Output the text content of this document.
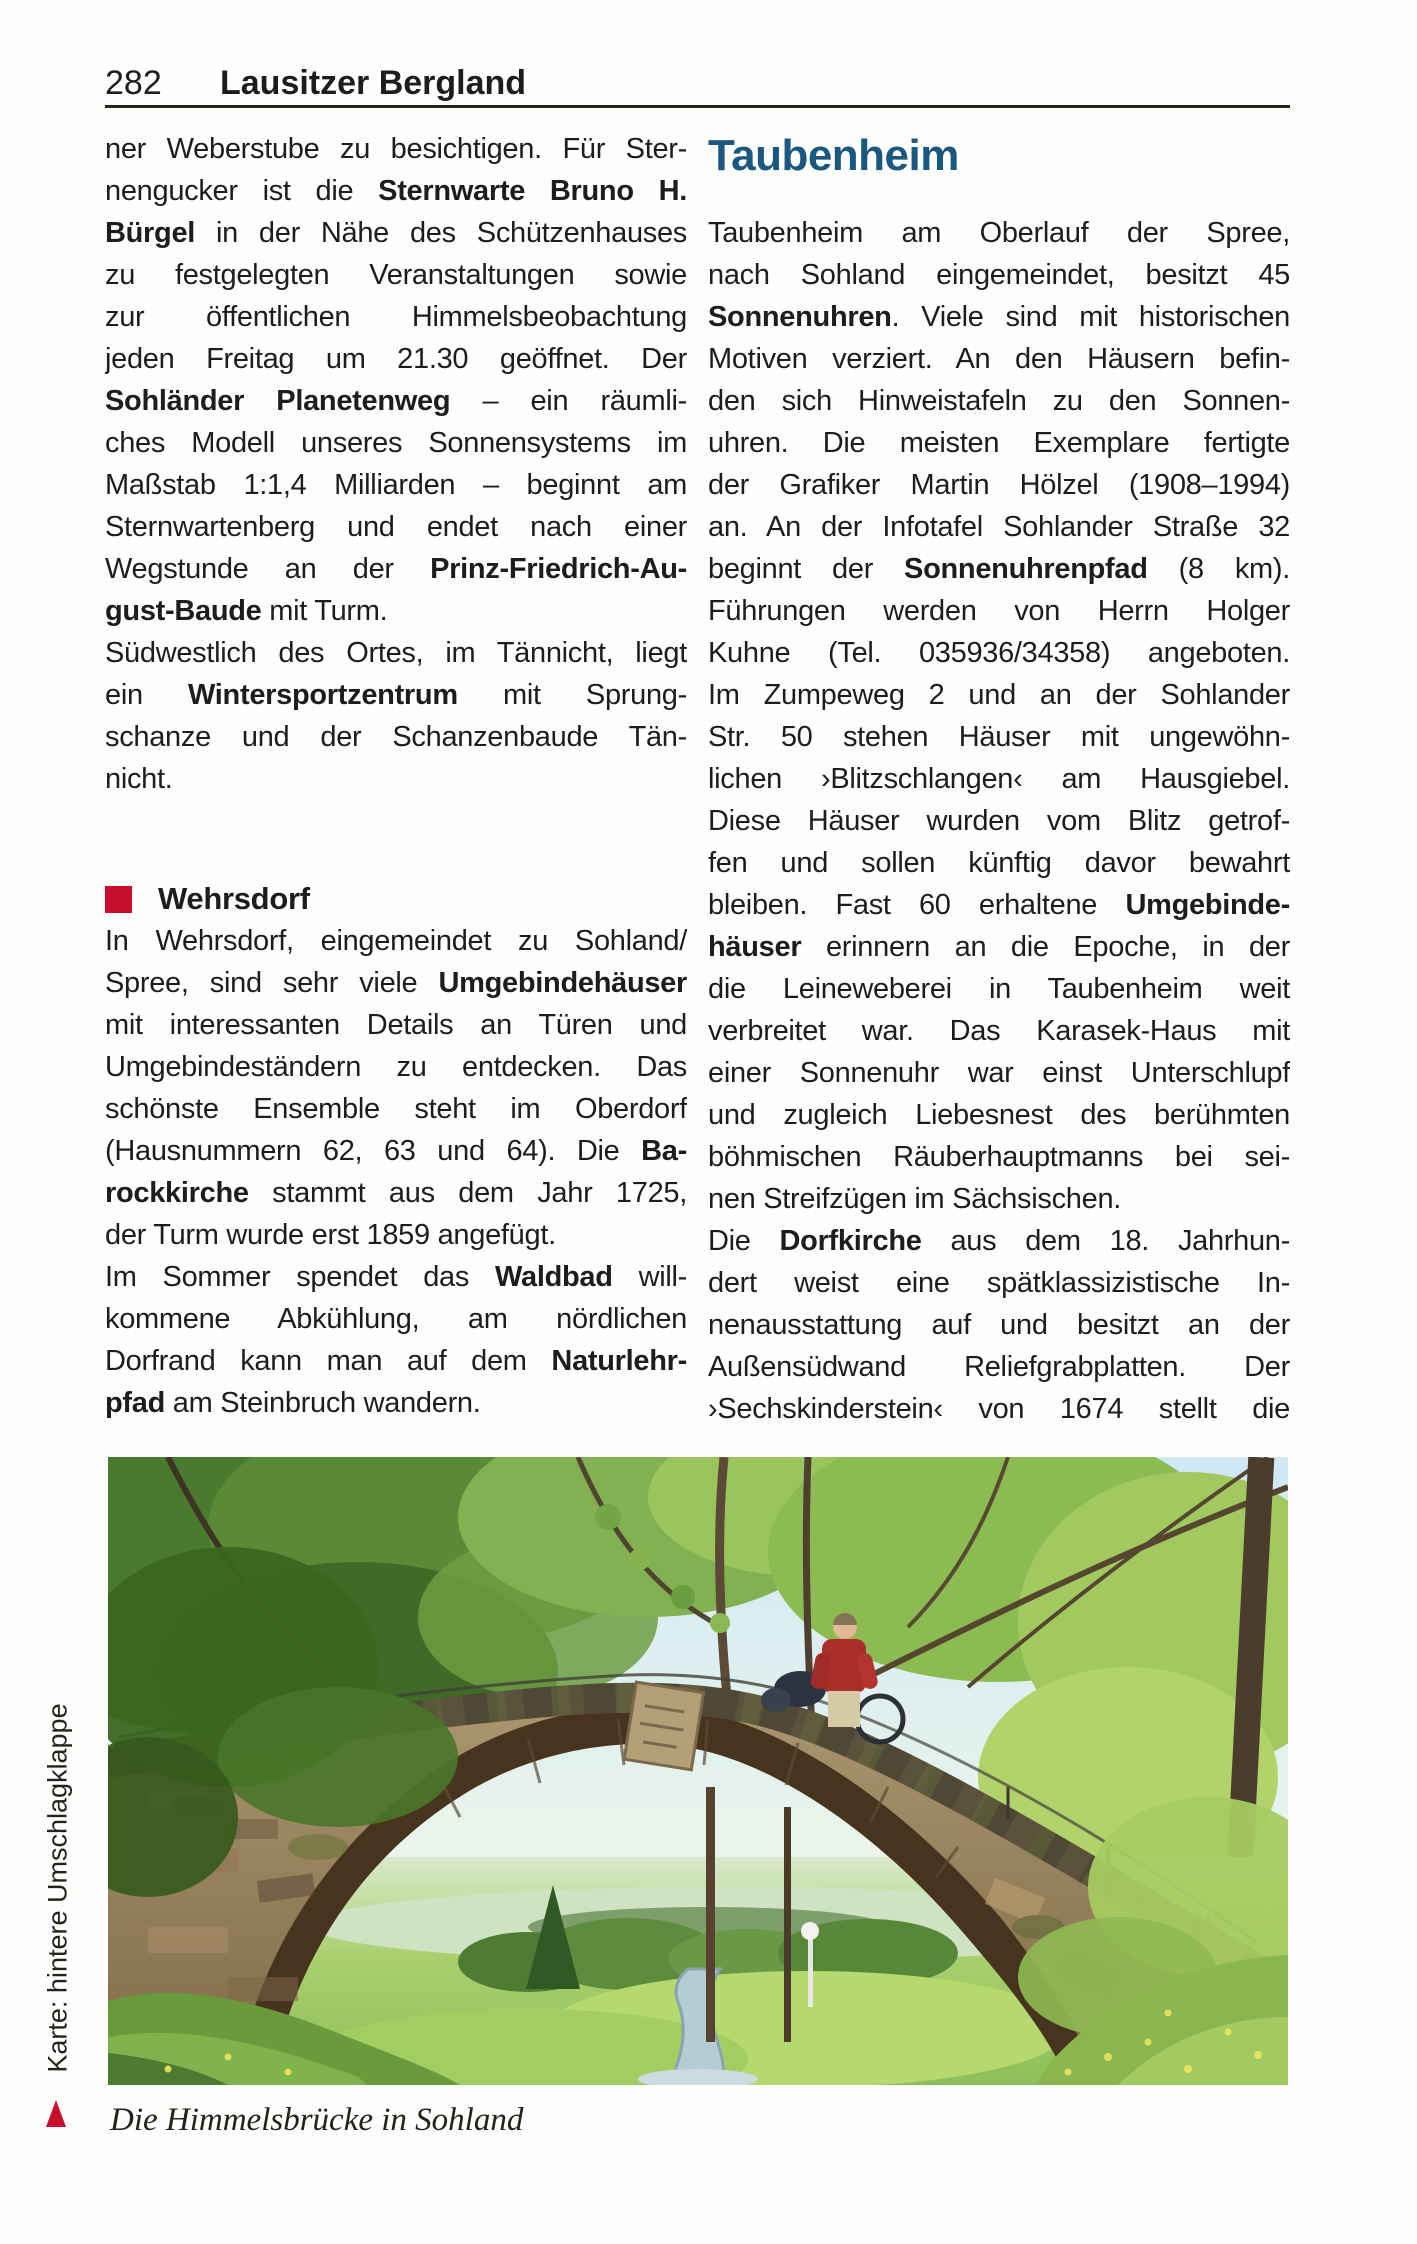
282 Lausitzer Bergland
ner Weberstube zu besichtigen. Für Ster-
nengucker ist die Sternwarte Bruno H.
Bürgel in der Nähe des Schützenhauses
zu festgelegten Veranstaltungen sowie
zur öffentlichen Himmelsbeobachtung
jeden Freitag um 21.30 geöffnet. Der
Sohländer Planetenweg – ein räumli-
ches Modell unseres Sonnensystems im
Maßstab 1:1,4 Milliarden – beginnt am
Sternwartenberg und endet nach einer
Wegstunde an der Prinz-Friedrich-Au-
gust-Baude mit Turm.
Südwestlich des Ortes, im Tännicht, liegt
ein Wintersportzentrum mit Sprung-
schanze und der Schanzenbaude Tän-
nicht.
Wehrsdorf
In Wehrsdorf, eingemeindet zu Sohland/
Spree, sind sehr viele Umgebindehäuser
mit interessanten Details an Türen und
Umgebindeständern zu entdecken. Das
schönste Ensemble steht im Oberdorf
(Hausnummern 62, 63 und 64). Die Ba-
rockkirche stammt aus dem Jahr 1725,
der Turm wurde erst 1859 angefügt.
Im Sommer spendet das Waldbad will-
kommene Abkühlung, am nördlichen
Dorfrand kann man auf dem Naturlehr-
pfad am Steinbruch wandern.
Taubenheim
Taubenheim am Oberlauf der Spree,
nach Sohland eingemeindet, besitzt 45
Sonnenuhren. Viele sind mit historischen
Motiven verziert. An den Häusern befin-
den sich Hinweistafeln zu den Sonnen-
uhren. Die meisten Exemplare fertigte
der Grafiker Martin Hölzel (1908–1994)
an. An der Infotafel Sohlander Straße 32
beginnt der Sonnenuhrenpfad (8 km).
Führungen werden von Herrn Holger
Kuhne (Tel. 035936/34358) angeboten.
Im Zumpeweg 2 und an der Sohlander
Str. 50 stehen Häuser mit ungewöhn-
lichen ›Blitzschlangen‹ am Hausgiebel.
Diese Häuser wurden vom Blitz getrof-
fen und sollen künftig davor bewahrt
bleiben. Fast 60 erhaltene Umgebinde-
häuser erinnern an die Epoche, in der
die Leineweberei in Taubenheim weit
verbreitet war. Das Karasek-Haus mit
einer Sonnenuhr war einst Unterschlupf
und zugleich Liebesnest des berühmten
böhmischen Räuberhauptmanns bei sei-
nen Streifzügen im Sächsischen.
Die Dorfkirche aus dem 18. Jahrhun-
dert weist eine spätklassizistische In-
nenausstattung auf und besitzt an der
Außensüdwand Reliefgrabplatten. Der
›Sechskinderstein‹ von 1674 stellt die
Karte: hintere Umschlagklappe
Die Himmelsbrücke in Sohland
